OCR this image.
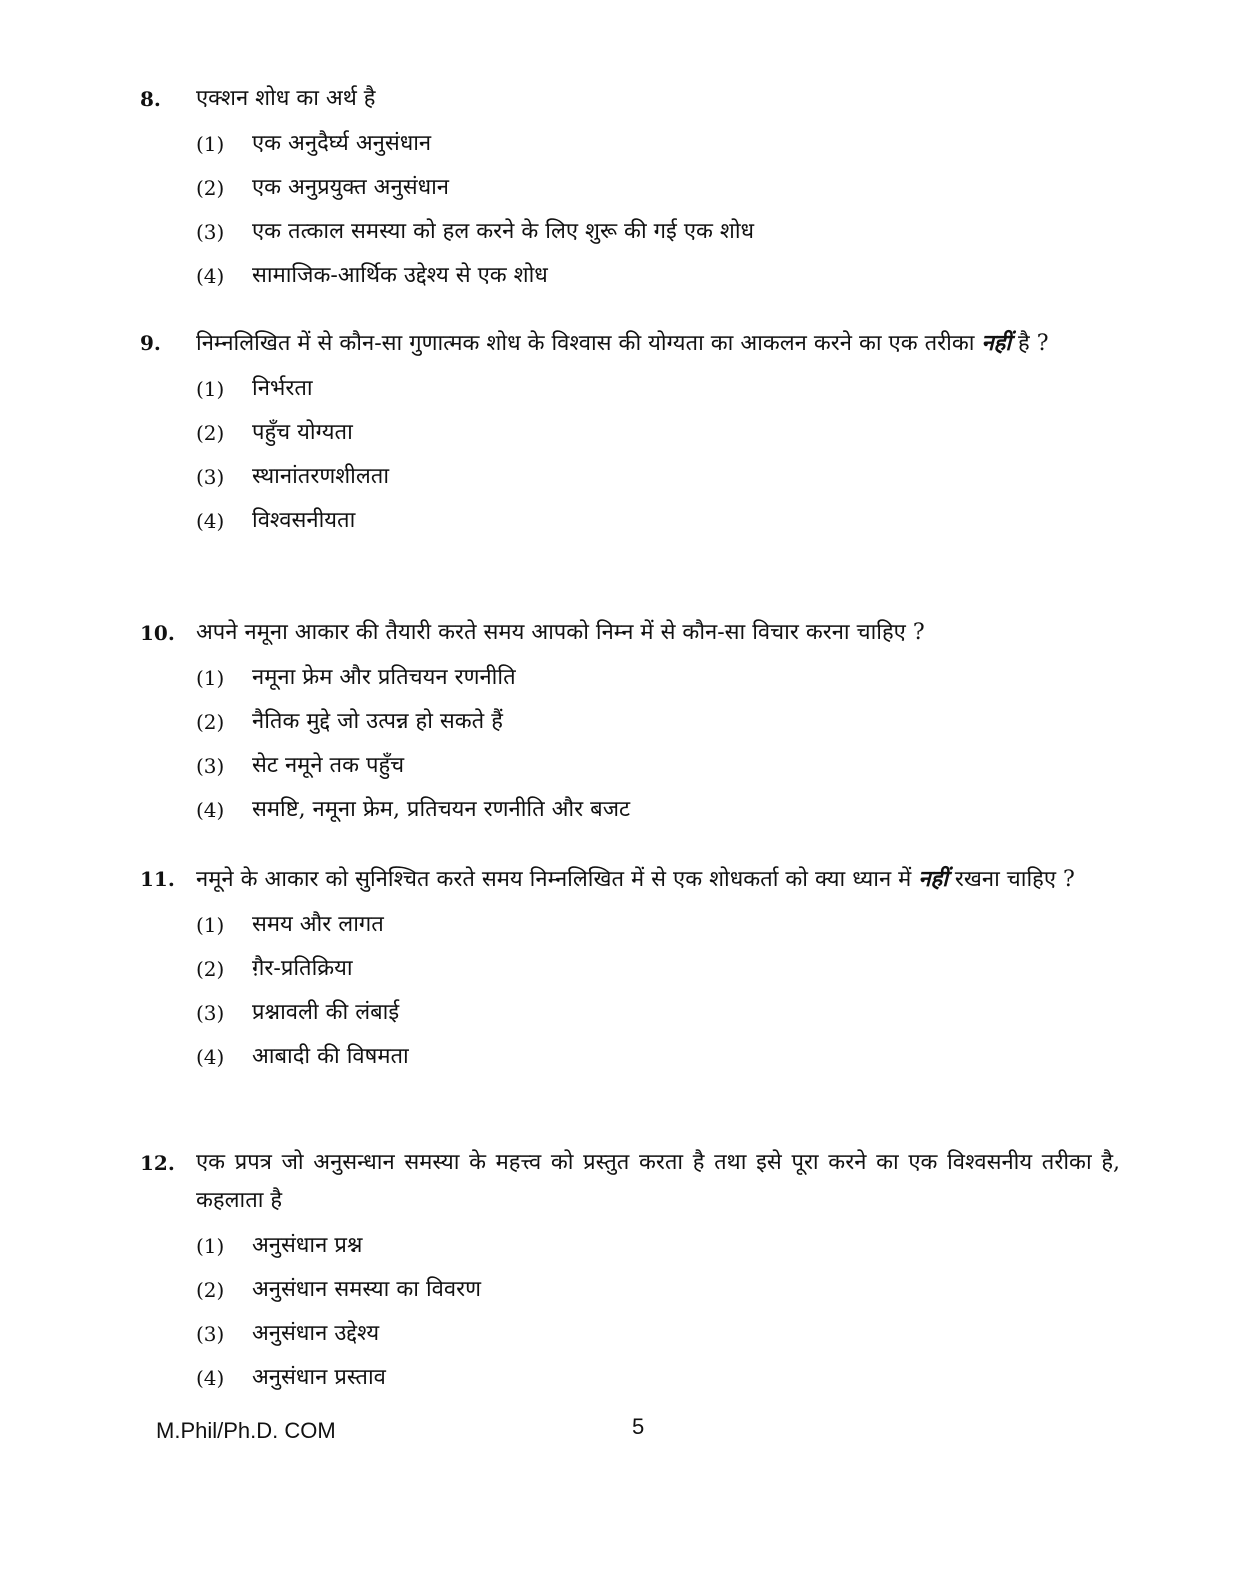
8.	एक्शन शोध का अर्थ है
(1)	एक अनुदैर्घ्य अनुसंधान
(2)	एक अनुप्रयुक्त अनुसंधान
(3)	एक तत्काल समस्या को हल करने के लिए शुरू की गई एक शोध
(4)	सामाजिक-आर्थिक उद्देश्य से एक शोध
9.	निम्नलिखित में से कौन-सा गुणात्मक शोध के विश्वास की योग्यता का आकलन करने का एक तरीका नहीं है ?
(1)	निर्भरता
(2)	पहुँच योग्यता
(3)	स्थानांतरणशीलता
(4)	विश्वसनीयता
10. अपने नमूना आकार की तैयारी करते समय आपको निम्न में से कौन-सा विचार करना चाहिए ?
(1)	नमूना फ्रेम और प्रतिचयन रणनीति
(2)	नैतिक मुद्दे जो उत्पन्न हो सकते हैं
(3)	सेट नमूने तक पहुँच
(4)	समष्टि, नमूना फ्रेम, प्रतिचयन रणनीति और बजट
11. नमूने के आकार को सुनिश्चित करते समय निम्नलिखित में से एक शोधकर्ता को क्या ध्यान में नहीं रखना चाहिए ?
(1)	समय और लागत
(2)	ग़ैर-प्रतिक्रिया
(3)	प्रश्नावली की लंबाई
(4)	आबादी की विषमता
12. एक प्रपत्र जो अनुसन्धान समस्या के महत्त्व को प्रस्तुत करता है तथा इसे पूरा करने का एक विश्वसनीय तरीका है, कहलाता है
(1)	अनुसंधान प्रश्न
(2)	अनुसंधान समस्या का विवरण
(3)	अनुसंधान उद्देश्य
(4)	अनुसंधान प्रस्ताव
M.Phil/Ph.D. COM	5
